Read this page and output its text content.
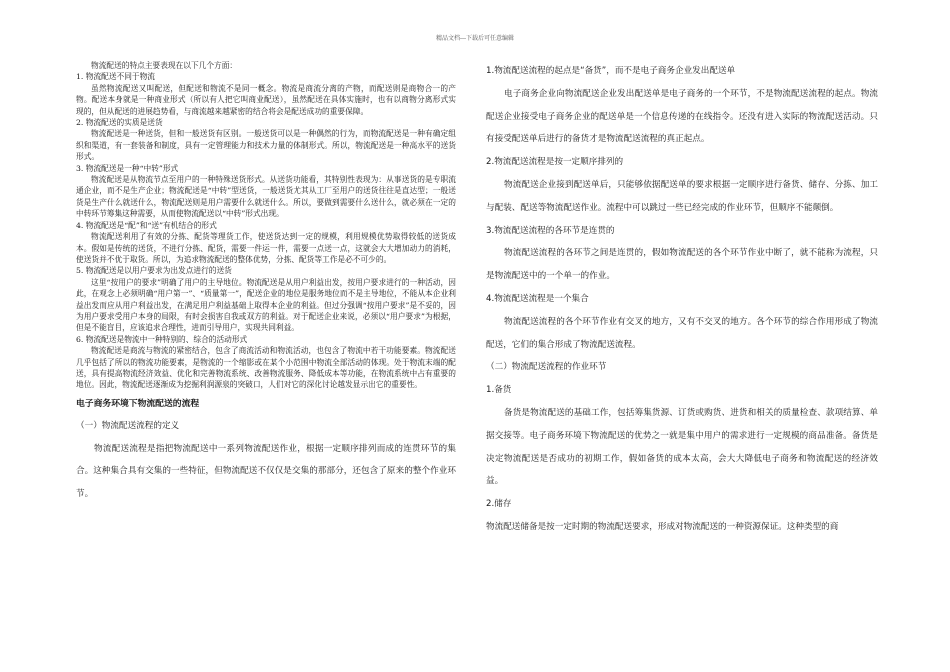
精品文档---下载后可任意编辑

物流配送的特点主要表现在以下几个方面：

1. 物流配送不同于物流

虽然物流配送又叫配送，但配送和物流不是同一概念。物流是商流分离的产物，而配送则是商物合一的产物。配送本身就是一种商业形式（所以有人把它叫商业配送），虽然配送在具体实施时，也有以商物分离形式实现的，但从配送的进展趋势看，与商流越来越紧密的结合将会是配送成功的重要保障。

2. 物流配送的实质是送货

物流配送是一种送货，但和一般送货有区别。一般送货可以是一种偶然的行为，而物流配送是一种有确定组织和渠道，有一套装备和制度，具有一定管理能力和技术力量的体制形式。所以，物流配送是一种高水平的送货形式。

3. 物流配送是一种“中转”形式

物流配送是从物流节点至用户的一种特殊送货形式。从送货功能看，其特别性表现为：从事送货的是专职流通企业，而不是生产企业；物流配送是“中转”型送货，一般送货尤其从工厂至用户的送货往往是直达型；一般送货是生产什么就送什么，物流配送则是用户需要什么就送什么。所以，要做到需要什么送什么，就必须在一定的中转环节筹集这种需要，从而使物流配送以“中转”形式出现。

4. 物流配送是“配”和“送”有机结合的形式

物流配送利用了有效的分拣、配货等理货工作，使送货达到一定的规模，利用规模优势取得较低的送货成本。假如是传统的送货，不进行分拣、配货，需要一件运一件，需要一点送一点，这就会大大增加动力的消耗，使送货并不优于取货。所以，为追求物流配送的整体优势，分拣、配货等工作是必不可少的。

5. 物流配送是以用户要求为出发点进行的送货

这里“按用户的要求”明确了用户的主导地位。物流配送是从用户利益出发，按用户要求进行的一种活动，因此，在观念上必须明确“用户第一”、“质量第一”，配送企业的地位是服务地位而不是主导地位，不能从本企业利益出发而应从用户利益出发，在满足用户利益基础上取得本企业的利益。但过分强调“按用户要求”是不妥的，因为用户要求受用户本身的局限，有时会损害自我或双方的利益。对于配送企业来说，必须以“用户要求”为根据，但是不能盲目，应该追求合理性，进而引导用户，实现共同利益。

6. 物流配送是物流中一种特别的、综合的活动形式

物流配送是商流与物流的紧密结合，包含了商流活动和物流活动，也包含了物流中若干功能要素。物流配送几乎包括了所以的物流功能要素，是物流的一个缩影或在某个小范围中物流全部活动的体现。处于物流末端的配送，具有提高物流经济效益、优化和完善物流系统、改善物流服务、降低成本等功能，在物流系统中占有重要的地位。因此，物流配送逐渐成为挖掘利润源泉的突破口，人们对它的深化讨论越发显示出它的重要性。

电子商务环境下物流配送的流程
（一）物流配送流程的定义

物流配送流程是指把物流配送中一系列物流配送作业，根据一定顺序排列而成的连贯环节的集合。这种集合具有交集的一些特征，但物流配送不仅仅是交集的那部分，还包含了原来的整个作业环节。

1.物流配送流程的起点是“备货”，而不是电子商务企业发出配送单

电子商务企业向物流配送企业发出配送单是电子商务的一个环节，不是物流配送流程的起点。物流配送企业接受电子商务企业的配送单是一个信息传递的在线指令。还没有进入实际的物流配送活动。只有接受配送单后进行的备货才是物流配送流程的真正起点。

2.物流配送流程是按一定顺序排列的

物流配送企业接到配送单后，只能够依据配送单的要求根据一定顺序进行备货、储存、分拣、加工与配装、配送等物流配送作业。流程中可以跳过一些已经完成的作业环节，但顺序不能颠倒。

3.物流配送流程的各环节是连贯的

物流配送流程的各环节之间是连贯的，假如物流配送的各个环节作业中断了，就不能称为流程，只是物流配送中的一个单一的作业。

4.物流配送流程是一个集合

物流配送流程的各个环节作业有交叉的地方，又有不交叉的地方。各个环节的综合作用形成了物流配送，它们的集合形成了物流配送流程。

（二）物流配送流程的作业环节

1.备货

备货是物流配送的基础工作，包括筹集货源、订货或购货、进货和相关的质量检查、款项结算、单据交接等。电子商务环境下物流配送的优势之一就是集中用户的需求进行一定规模的商品准备。备货是决定物流配送是否成功的初期工作，假如备货的成本太高，会大大降低电子商务和物流配送的经济效益。

2.储存

物流配送储备是按一定时期的物流配送要求，形成对物流配送的一种资源保证。这种类型的商
